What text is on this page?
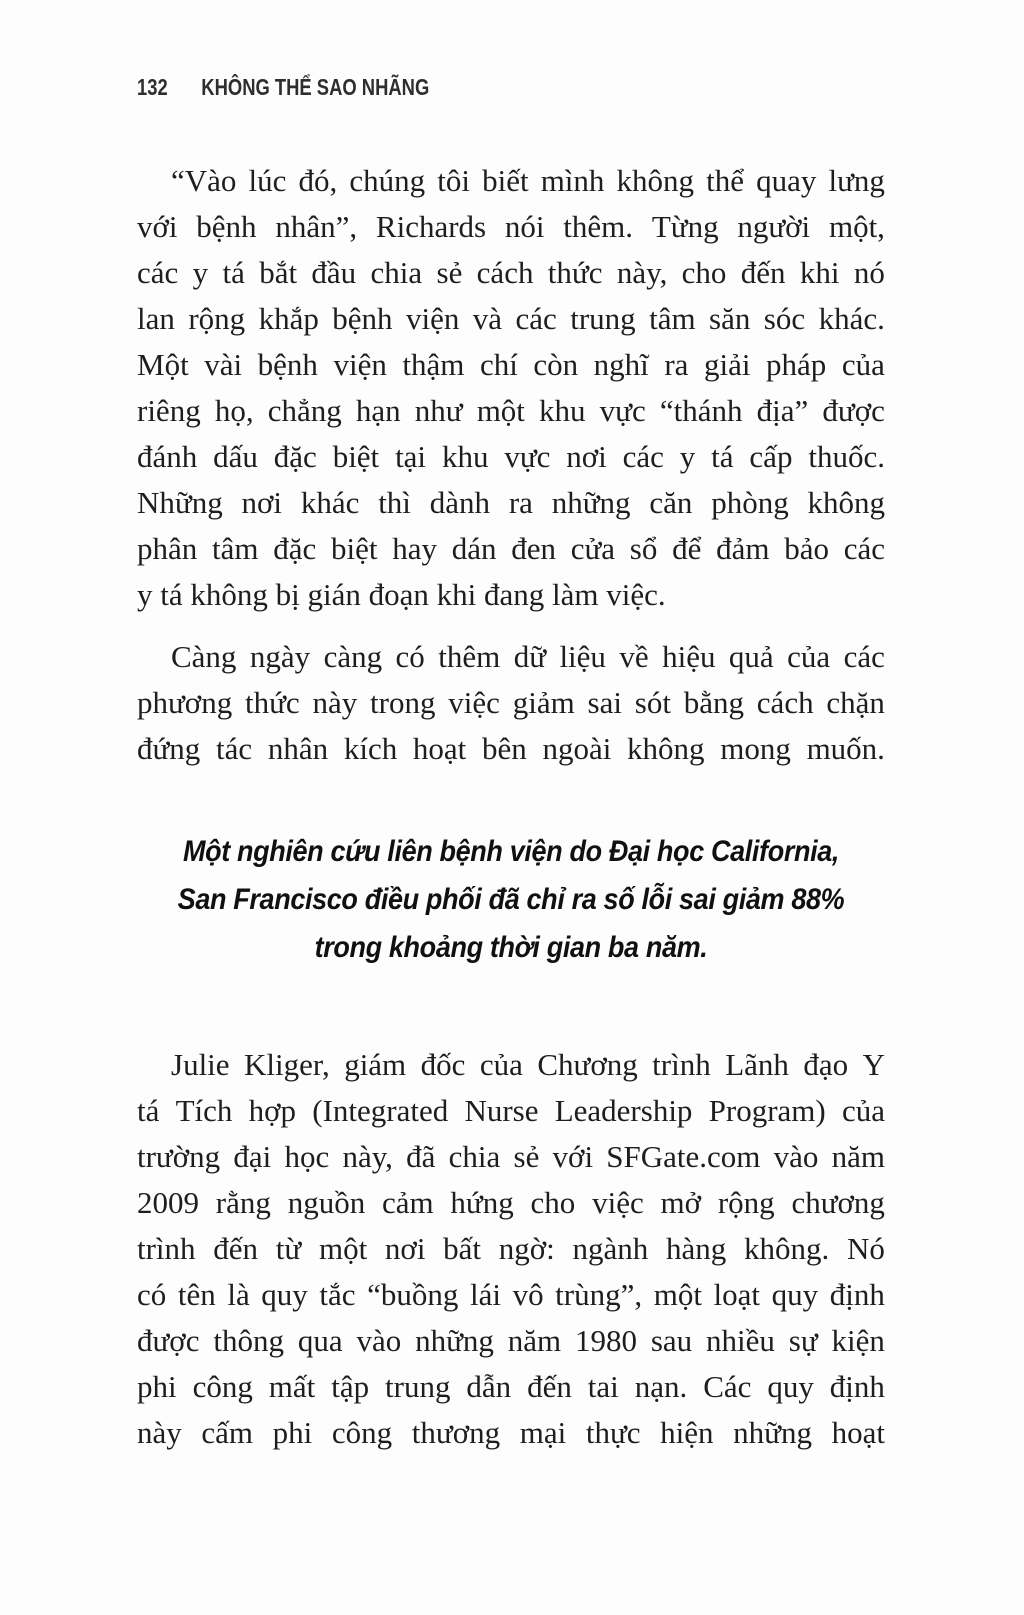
132 KHÔNG THỂ SAO NHÃNG
“Vào lúc đó, chúng tôi biết mình không thể quay lưng
với bệnh nhân”, Richards nói thêm. Từng người một,
các y tá bắt đầu chia sẻ cách thức này, cho đến khi nó
lan rộng khắp bệnh viện và các trung tâm săn sóc khác.
Một vài bệnh viện thậm chí còn nghĩ ra giải pháp của
riêng họ, chẳng hạn như một khu vực “thánh địa” được
đánh dấu đặc biệt tại khu vực nơi các y tá cấp thuốc.
Những nơi khác thì dành ra những căn phòng không
phân tâm đặc biệt hay dán đen cửa sổ để đảm bảo các
y tá không bị gián đoạn khi đang làm việc.
Càng ngày càng có thêm dữ liệu về hiệu quả của các
phương thức này trong việc giảm sai sót bằng cách chặn
đứng tác nhân kích hoạt bên ngoài không mong muốn.
Một nghiên cứu liên bệnh viện do Đại học California,
San Francisco điều phối đã chỉ ra số lỗi sai giảm 88%
trong khoảng thời gian ba năm.
Julie Kliger, giám đốc của Chương trình Lãnh đạo Y
tá Tích hợp (Integrated Nurse Leadership Program) của
trường đại học này, đã chia sẻ với SFGate.com vào năm
2009 rằng nguồn cảm hứng cho việc mở rộng chương
trình đến từ một nơi bất ngờ: ngành hàng không. Nó
có tên là quy tắc “buồng lái vô trùng”, một loạt quy định
được thông qua vào những năm 1980 sau nhiều sự kiện
phi công mất tập trung dẫn đến tai nạn. Các quy định
này cấm phi công thương mại thực hiện những hoạt
